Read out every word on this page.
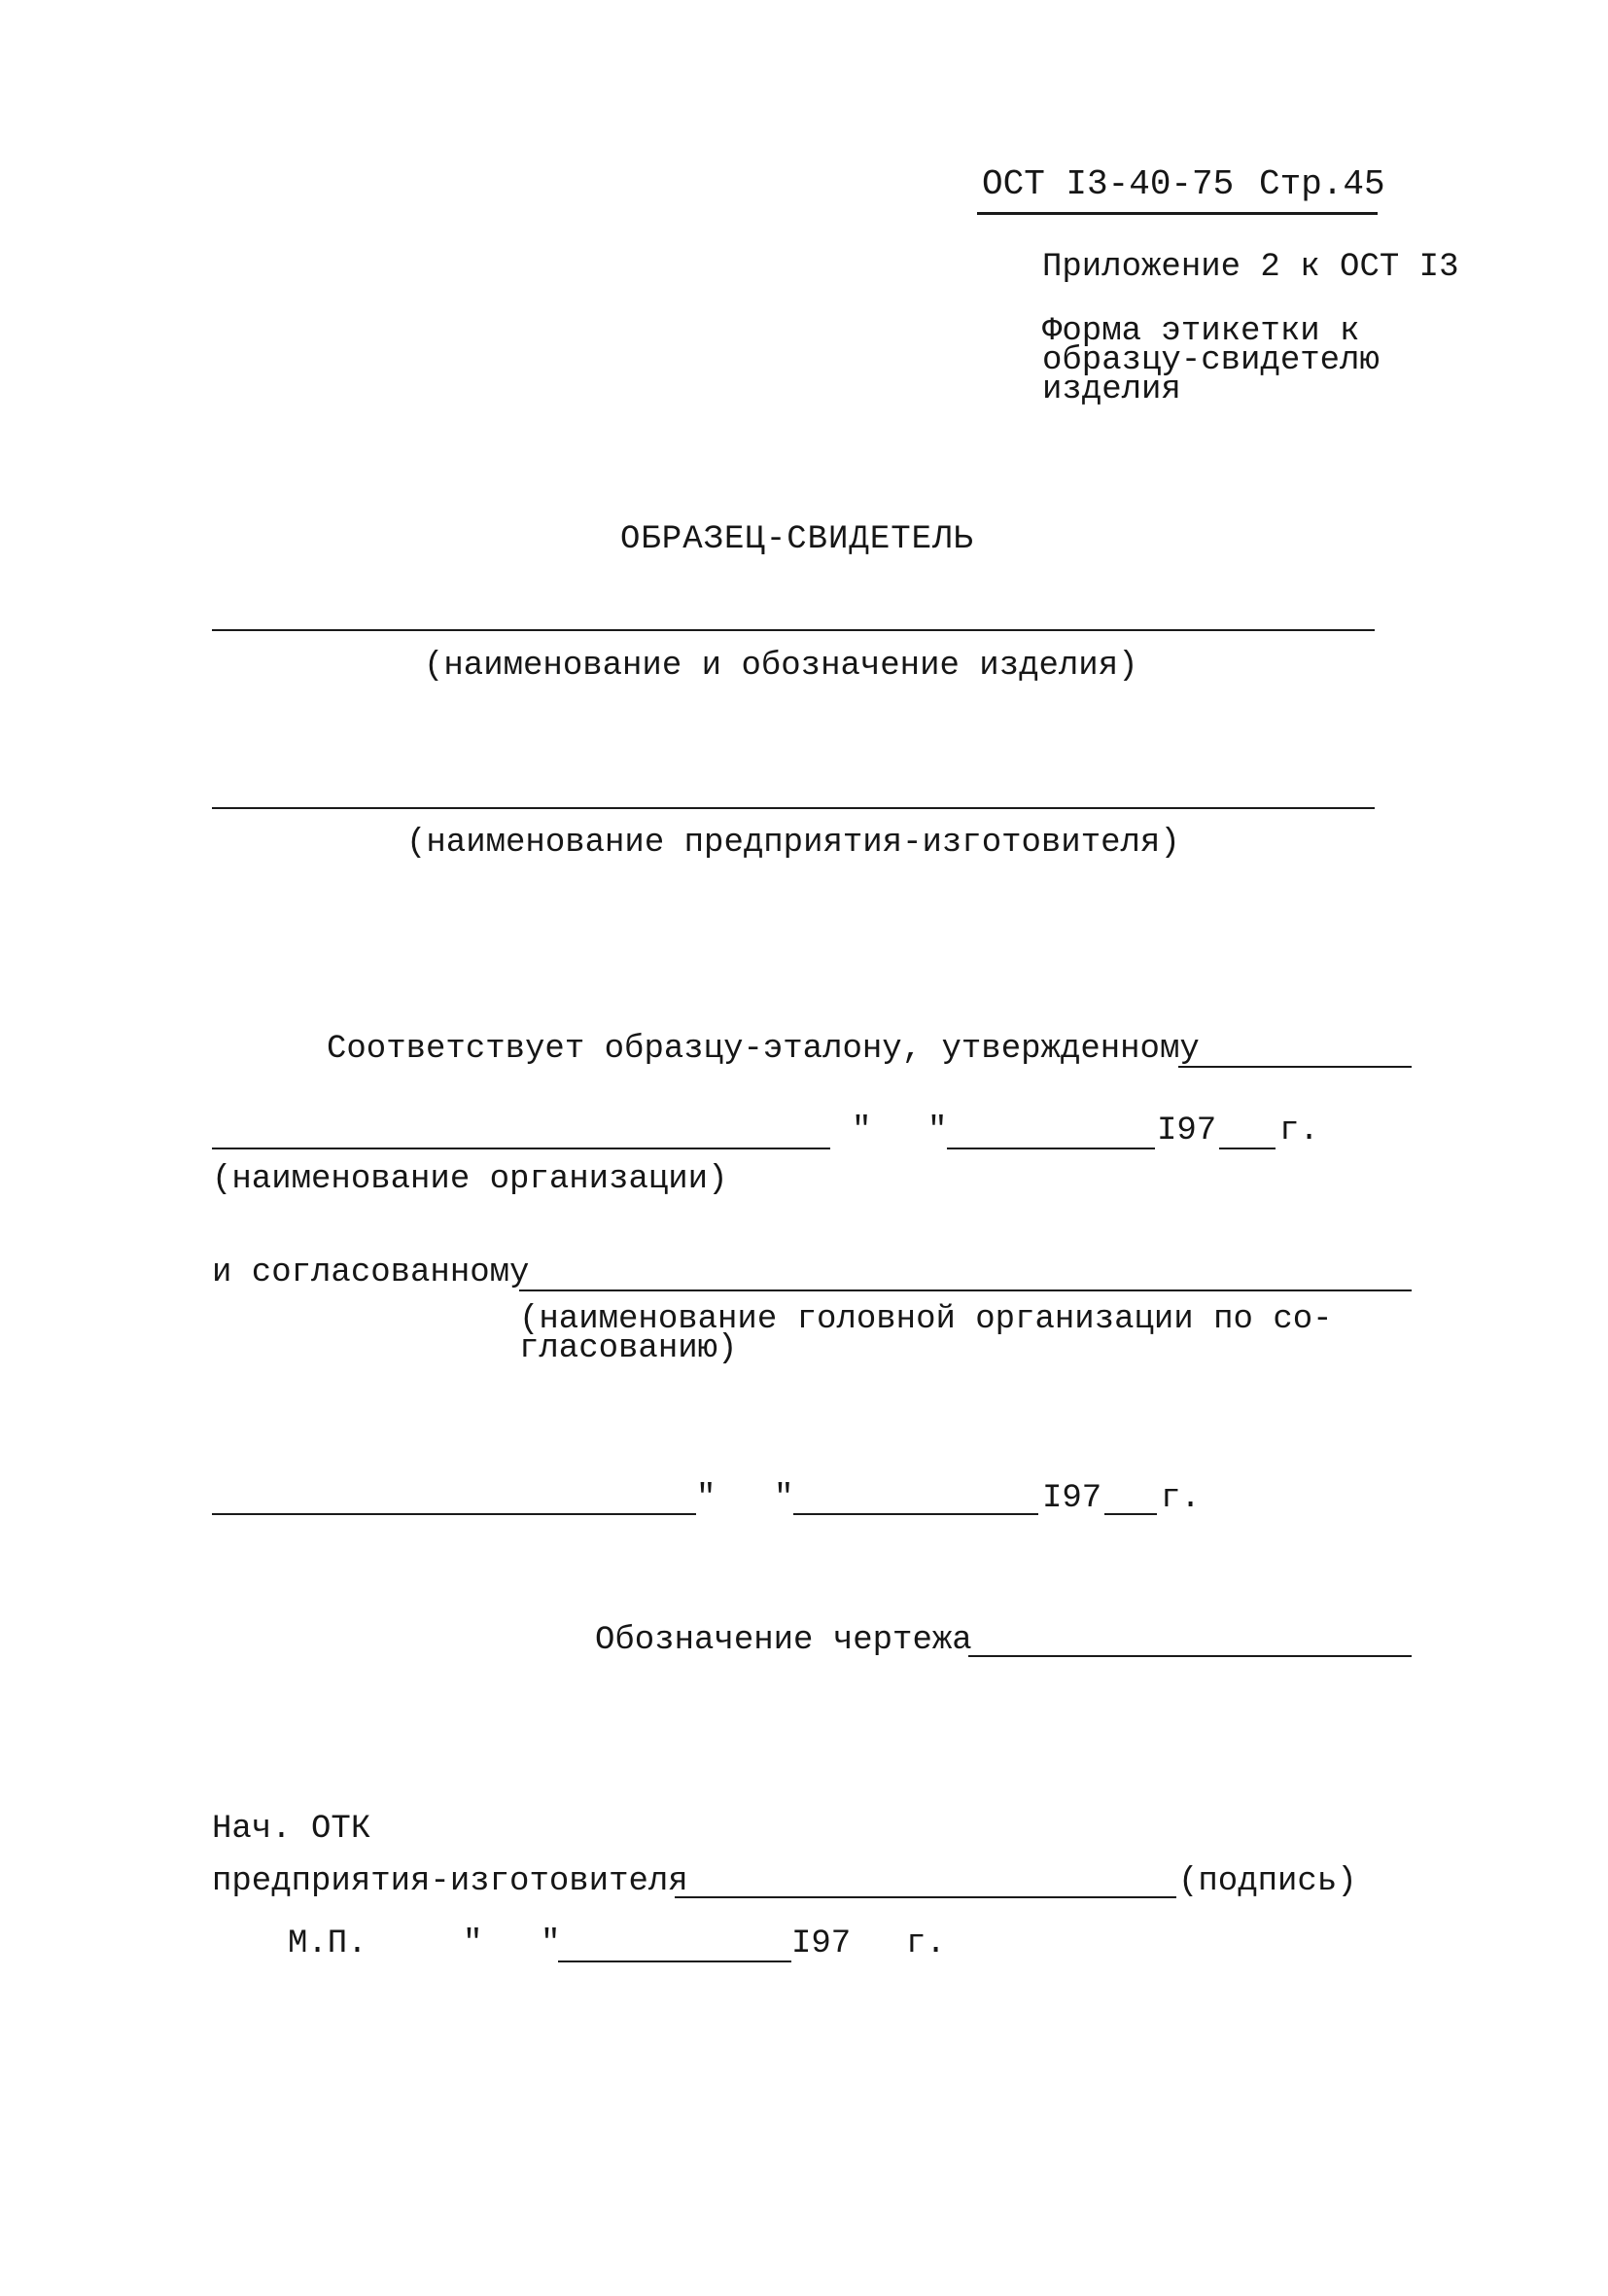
ОСТ I3-40-75 Стр.45
Приложение 2 к ОСТ I3
Форма этикетки к
образцу-свидетелю
изделия
ОБРАЗЕЦ-СВИДЕТЕЛЬ
(наименование и обозначение изделия)
(наименование предприятия-изготовителя)
Соответствует образцу-эталону, утвержденному
" "	I97 г.
(наименование организации)
и согласованному
(наименование головной организации по со-
гласованию)
" "	I97 г.
Обозначение чертежа
Нач. ОТК
предприятия-изготовителя	(подпись)
М.П.	" "	I97 г.
